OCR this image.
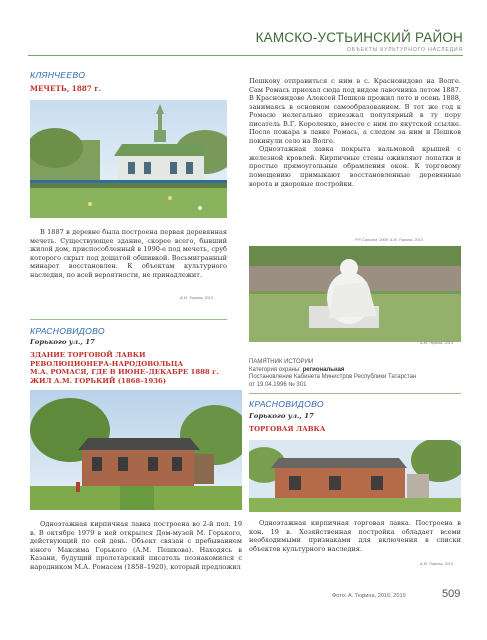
КАМСКО-УСТЬИНСКИЙ РАЙОН
ОБЪЕКТЫ КУЛЬТУРНОГО НАСЛЕДИЯ
КЛЯНЧЕЕВО
МЕЧЕТЬ, 1887 г.

В 1887 в деревне была построена первая деревянная мечеть. Существующее здание, скорее всего, бывший жилой дом, приспособленный в 1990-е под мечеть, сруб которого скрыт под дощатой обшивкой. Восьмигранный минарет восстановлен. К объектам культурного наследия, по всей вероятности, не принадлежит.

А.М. Тюрина, 2013

Пешкову отправиться с ним в с. Красновидово на Волге. Сам Ромась приехал сюда под видом лавочника летом 1887. В Красновидове Алексей Пешков прожил лето и осень 1888, занимаясь в основном самообразованием. В тот же год к Ромасю нелегально приезжал популярный в ту пору писатель В.Г. Короленко, вместе с ним по якутской ссылке. После пожара в лавке Ромась, а следом за ним и Пешков покинули село на Волге.

Одноэтажная лавка покрыта вальмовой крышей с железной кровлей. Кирпичные стены оживляют лопатки и простые прямоугольные обрамления окон. К торговому помещению примыкают восстановленные деревянные ворота и дворовые постройки.

Р.Р. Салихов, 2008; А.М. Тюрина, 2013
А.М. Тюрина, 2013
КРАСНОВИДОВО
Горького ул., 17
ЗДАНИЕ ТОРГОВОЙ ЛАВКИ
РЕВОЛЮЦИОНЕРА-НАРОДОВОЛЬЦА
М.А. РОМАСЯ, ГДЕ В ИЮНЕ–ДЕКАБРЕ 1888 г.
ЖИЛ А.М. ГОРЬКИЙ (1868–1936)

Одноэтажная кирпичная лавка построена во 2-й пол. 19 в. В октябре 1979 в ней открылся Дом-музей М. Горького, действующий по сей день. Объект связан с пребыванием юного Максима Горького (А.М. Пешкова). Находясь в Казани, будущий пролетарский писатель познакомился с народником М.А. Ромасем (1858–1920), который предложил

ПАМЯТНИК ИСТОРИИ
Категория охраны: региональная
Постановление Кабинета Министров Республики Татарстан
от 19.04.1996 № 301
КРАСНОВИДОВО
Горького ул., 17
ТОРГОВАЯ ЛАВКА

Одноэтажная кирпичная торговая лавка. Построена в кон. 19 в. Хозяйственная постройка обладает всеми необходимыми признаками для включения в списки объектов культурного наследия.

А.М. Тюрина, 2013
Фото: А. Тюрина, 2016, 2019	509
